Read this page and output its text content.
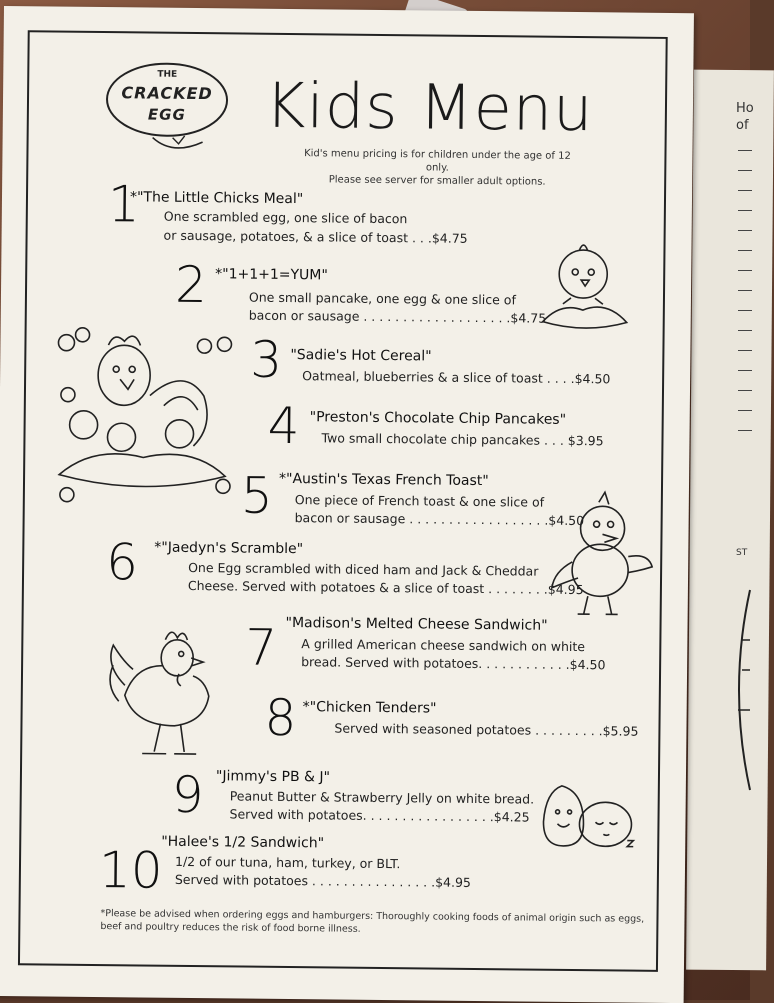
Ho
of
ST
THE
CRACKED
EGG	Kids Menu
Kid's menu pricing is for children under the age of 12 only.
Please see server for smaller adult options.
1
*"The Little Chicks Meal"
One scrambled egg, one slice of bacon
or sausage, potatoes, & a slice of toast . . .$4.75
2 *"1+1+1=YUM"
One small pancake, one egg & one slice of
bacon or sausage . . . . . . . . . . . . . . . . . . .$4.75
3 "Sadie's Hot Cereal"
Oatmeal, blueberries & a slice of toast . . . .$4.50
4 "Preston's Chocolate Chip Pancakes"
Two small chocolate chip pancakes . . . $3.95
5 *"Austin's Texas French Toast"
One piece of French toast & one slice of
bacon or sausage . . . . . . . . . . . . . . . . . .$4.50
6 *"Jaedyn's Scramble"
One Egg scrambled with diced ham and Jack & Cheddar
Cheese. Served with potatoes & a slice of toast . . . . . . . .$4.95
7 "Madison's Melted Cheese Sandwich"
A grilled American cheese sandwich on white
bread. Served with potatoes. . . . . . . . . . . .$4.50
8 *"Chicken Tenders"
Served with seasoned potatoes . . . . . . . . .$5.95
9 "Jimmy's PB & J"
Peanut Butter & Strawberry Jelly on white bread.
Served with potatoes. . . . . . . . . . . . . . . . .$4.25
10
"Halee's 1/2 Sandwich"
1/2 of our tuna, ham, turkey, or BLT.
Served with potatoes . . . . . . . . . . . . . . . .$4.95
*Please be advised when ordering eggs and hamburgers: Thoroughly cooking foods of animal origin such as eggs,
beef and poultry reduces the risk of food borne illness.
